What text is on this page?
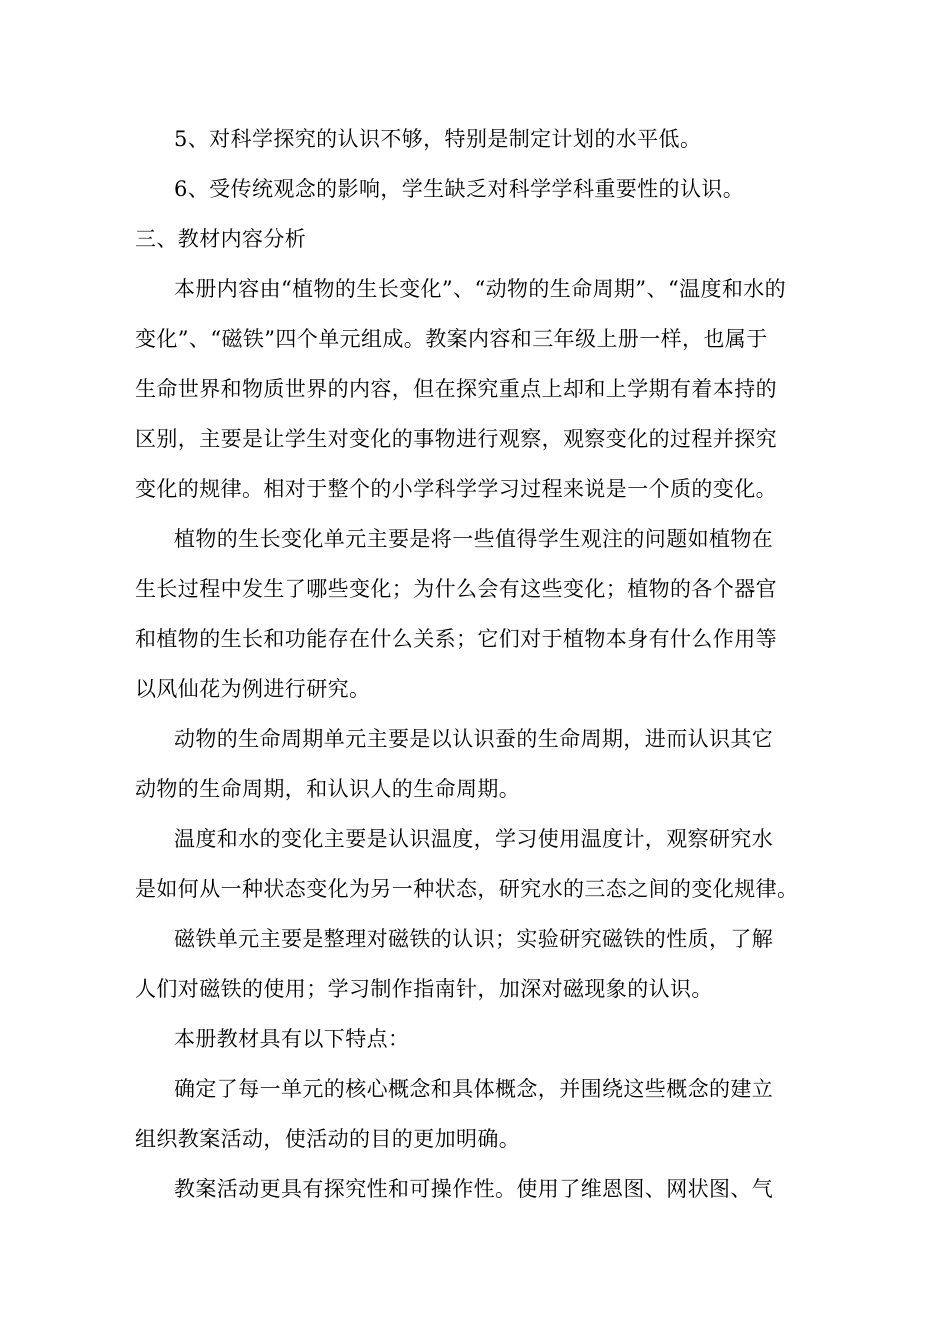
5、对科学探究的认识不够，特别是制定计划的水平低。
6、受传统观念的影响，学生缺乏对科学学科重要性的认识。
三、教材内容分析
本册内容由“植物的生长变化”、“动物的生命周期”、“温度和水的
变化”、“磁铁”四个单元组成。教案内容和三年级上册一样，也属于
生命世界和物质世界的内容，但在探究重点上却和上学期有着本持的
区别，主要是让学生对变化的事物进行观察，观察变化的过程并探究
变化的规律。相对于整个的小学科学学习过程来说是一个质的变化。
植物的生长变化单元主要是将一些值得学生观注的问题如植物在
生长过程中发生了哪些变化；为什么会有这些变化；植物的各个器官
和植物的生长和功能存在什么关系；它们对于植物本身有什么作用等
以风仙花为例进行研究。
动物的生命周期单元主要是以认识蚕的生命周期，进而认识其它
动物的生命周期，和认识人的生命周期。
温度和水的变化主要是认识温度，学习使用温度计，观察研究水
是如何从一种状态变化为另一种状态，研究水的三态之间的变化规律。
磁铁单元主要是整理对磁铁的认识；实验研究磁铁的性质，了解
人们对磁铁的使用；学习制作指南针，加深对磁现象的认识。
本册教材具有以下特点：
确定了每一单元的核心概念和具体概念，并围绕这些概念的建立
组织教案活动，使活动的目的更加明确。
教案活动更具有探究性和可操作性。使用了维恩图、网状图、气
